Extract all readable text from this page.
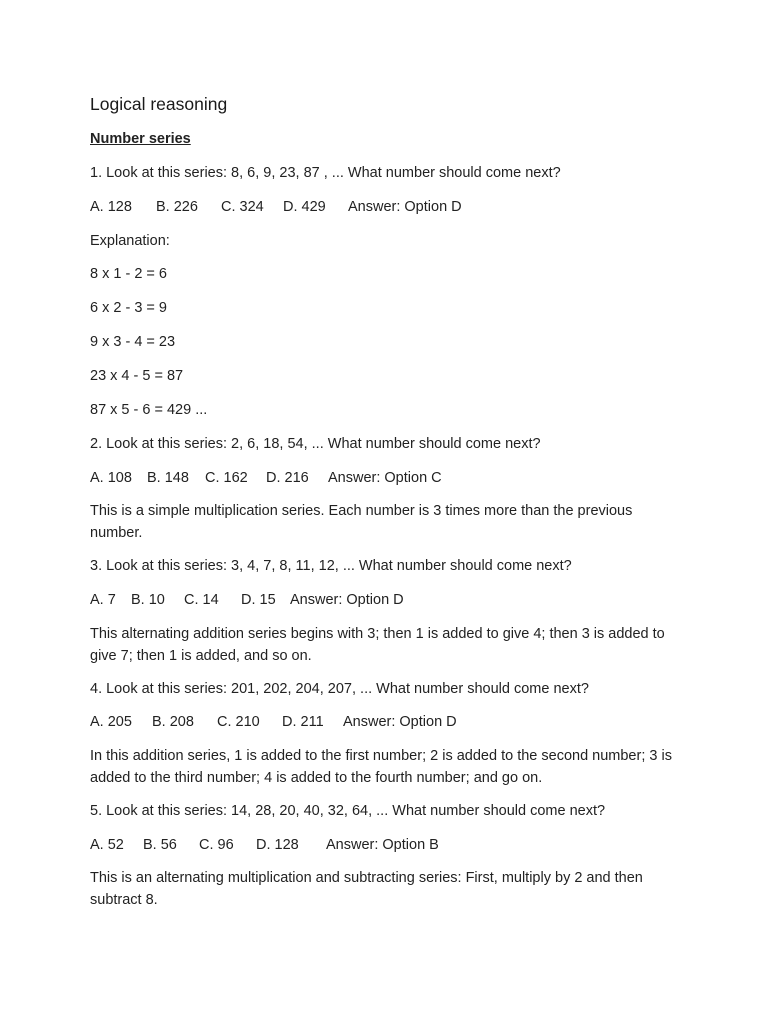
Logical reasoning
Number series

1. Look at this series: 8, 6, 9, 23, 87 , ... What number should come next?

A. 128 B. 226 C. 324 D. 429 Answer: Option D

Explanation:

8 x 1 - 2 = 6

6 x 2 - 3 = 9

9 x 3 - 4 = 23

23 x 4 - 5 = 87

87 x 5 - 6 = 429 ...

2. Look at this series: 2, 6, 18, 54, ... What number should come next?

A. 108 B. 148 C. 162 D. 216 Answer: Option C

This is a simple multiplication series. Each number is 3 times more than the previous number.

3. Look at this series: 3, 4, 7, 8, 11, 12, ... What number should come next?

A. 7 B. 10 C. 14 D. 15 Answer: Option D

This alternating addition series begins with 3; then 1 is added to give 4; then 3 is added to give 7; then 1 is added, and so on.

4. Look at this series: 201, 202, 204, 207, ... What number should come next?

A. 205 B. 208 C. 210 D. 211 Answer: Option D

In this addition series, 1 is added to the first number; 2 is added to the second number; 3 is added to the third number; 4 is added to the fourth number; and go on.

5. Look at this series: 14, 28, 20, 40, 32, 64, ... What number should come next?

A. 52 B. 56 C. 96 D. 128 Answer: Option B

This is an alternating multiplication and subtracting series: First, multiply by 2 and then subtract 8.
